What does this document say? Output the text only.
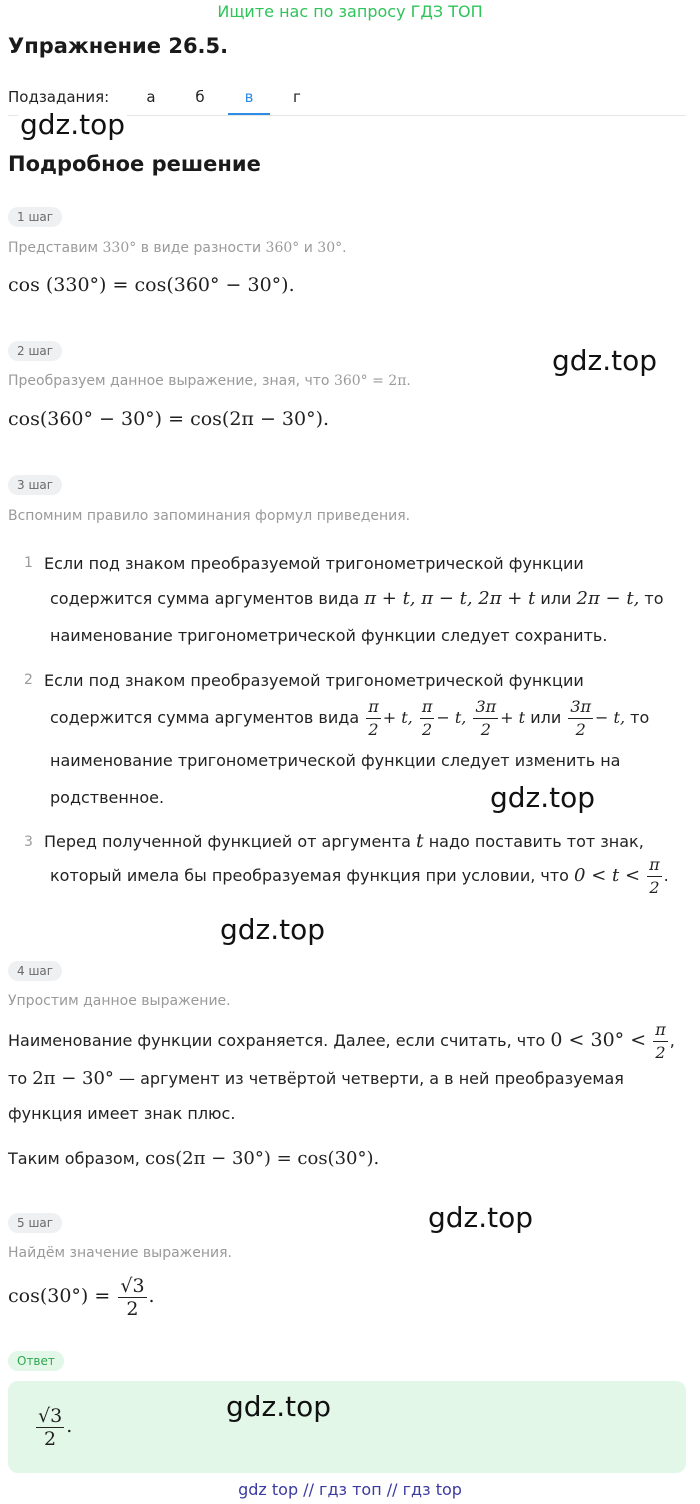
Ищите нас по запросу ГДЗ ТОП
Упражнение 26.5.
Подзадания:	а	б	в	г
gdz.top
gdz.top
gdz.top
gdz.top
gdz.top
Подробное решение
1 шаг
Представим 330° в виде разности 360° и 30°.
cos (330°) = cos(360° − 30°).
2 шаг
Преобразуем данное выражение, зная, что 360° = 2π.
cos(360° − 30°) = cos(2π − 30°).
3 шаг
Вспомним правило запоминания формул приведения.
1 Если под знаком преобразуемой тригонометрической функции
содержится сумма аргументов вида π + t, π − t, 2π + t или 2π − t, то
наименование тригонометрической функции следует сохранить.
2 Если под знаком преобразуемой тригонометрической функции
содержится сумма аргументов вида $\frac{\pi}{2} + t$, $\frac{\pi}{2} - t$, $\frac{3\pi}{2} + t$ или $\frac{3\pi}{2} - t$, то
наименование тригонометрической функции следует изменить на
родственное.
3 Перед полученной функцией от аргумента t надо поставить тот знак,
который имела бы преобразуемая функция при условии, что $0 < t < \frac{\pi}{2}$ .
4 шаг
Упростим данное выражение.
Наименование функции сохраняется. Далее, если считать, что $0 < 30^\circ < \frac{\pi}{2}$ ,
то 2π − 30° — аргумент из четвёртой четверти, а в ней преобразуемая
функция имеет знак плюс.
Таким образом, cos(2π − 30°) = cos(30°).
5 шаг
Найдём значение выражения.
$\cos(30^\circ) = \frac{√3}{2}$ .
Ответ
$\frac{√3}{2}$ .
gdz.top
gdz top // гдз топ // гдз top
